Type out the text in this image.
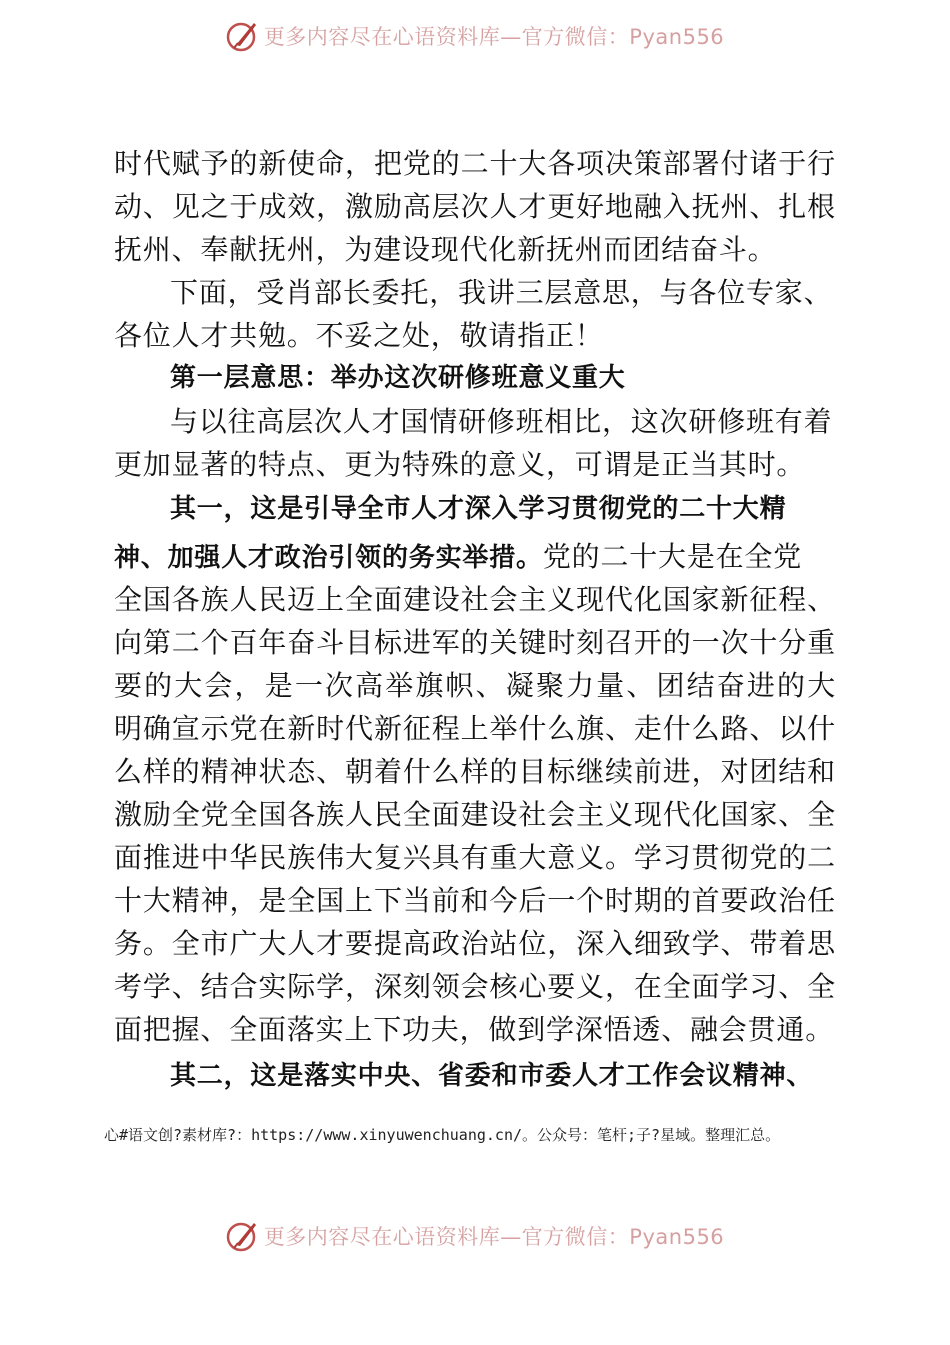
更多内容尽在心语资料库—官方微信：Pyan556
时代赋予的新使命，把党的二十大各项决策部署付诸于行
动、见之于成效，激励高层次人才更好地融入抚州、扎根
抚州、奉献抚州，为建设现代化新抚州而团结奋斗。
下面，受肖部长委托，我讲三层意思，与各位专家、
各位人才共勉。不妥之处，敬请指正！
第一层意思：举办这次研修班意义重大
与以往高层次人才国情研修班相比，这次研修班有着
更加显著的特点、更为特殊的意义，可谓是正当其时。
其一，这是引导全市人才深入学习贯彻党的二十大精
神、加强人才政治引领的务实举措。党的二十大是在全党
全国各族人民迈上全面建设社会主义现代化国家新征程、
向第二个百年奋斗目标进军的关键时刻召开的一次十分重
要的大会，是一次高举旗帜、凝聚力量、团结奋进的大
明确宣示党在新时代新征程上举什么旗、走什么路、以什
么样的精神状态、朝着什么样的目标继续前进，对团结和
激励全党全国各族人民全面建设社会主义现代化国家、全
面推进中华民族伟大复兴具有重大意义。学习贯彻党的二
十大精神，是全国上下当前和今后一个时期的首要政治任
务。全市广大人才要提高政治站位，深入细致学、带着思
考学、结合实际学，深刻领会核心要义，在全面学习、全
面把握、全面落实上下功夫，做到学深悟透、融会贯通。
其二，这是落实中央、省委和市委人才工作会议精神、
心#语文创?素材库?：https://www.xinyuwenchuang.cn/。公众号：笔杆;子?星域。整理汇总。
更多内容尽在心语资料库—官方微信：Pyan556
